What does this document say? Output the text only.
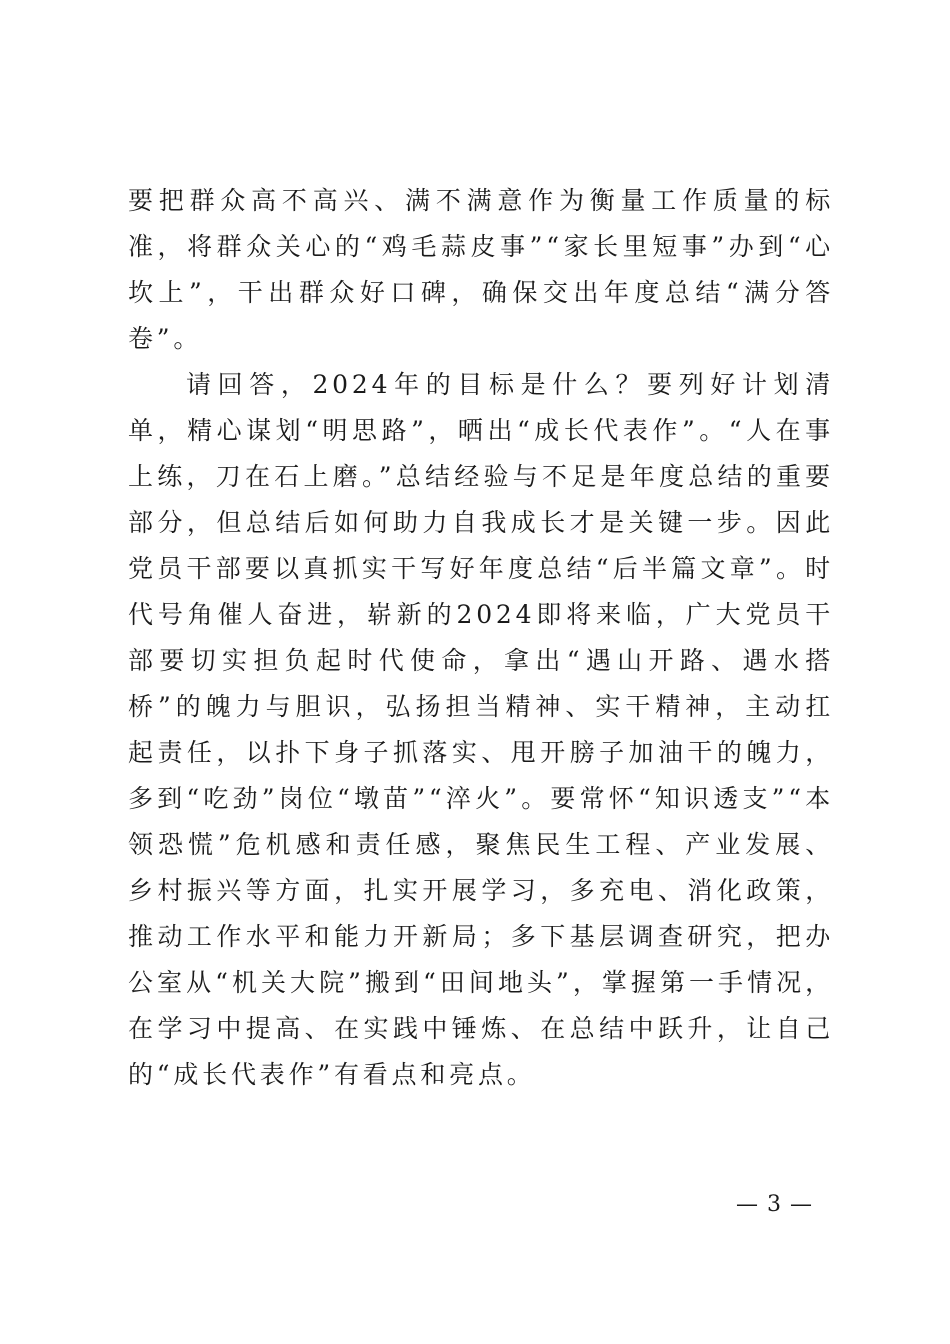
要把群众高不高兴、满不满意作为衡量工作质量的标准，将群众关心的“鸡毛蒜皮事”“家长里短事”办到“心坎上”，干出群众好口碑，确保交出年度总结“满分答卷”。

请回答，2024年的目标是什么？要列好计划清单，精心谋划“明思路”，晒出“成长代表作”。“人在事上练，刀在石上磨。”总结经验与不足是年度总结的重要部分，但总结后如何助力自我成长才是关键一步。因此党员干部要以真抓实干写好年度总结“后半篇文章”。时代号角催人奋进，崭新的2024即将来临，广大党员干部要切实担负起时代使命，拿出“遇山开路、遇水搭桥”的魄力与胆识，弘扬担当精神、实干精神，主动扛起责任，以扑下身子抓落实、甩开膀子加油干的魄力，多到“吃劲”岗位“墩苗”“淬火”。要常怀“知识透支”“本领恐慌”危机感和责任感，聚焦民生工程、产业发展、乡村振兴等方面，扎实开展学习，多充电、消化政策，推动工作水平和能力开新局；多下基层调查研究，把办公室从“机关大院”搬到“田间地头”，掌握第一手情况，在学习中提高、在实践中锤炼、在总结中跃升，让自己的“成长代表作”有看点和亮点。

— 3 —
